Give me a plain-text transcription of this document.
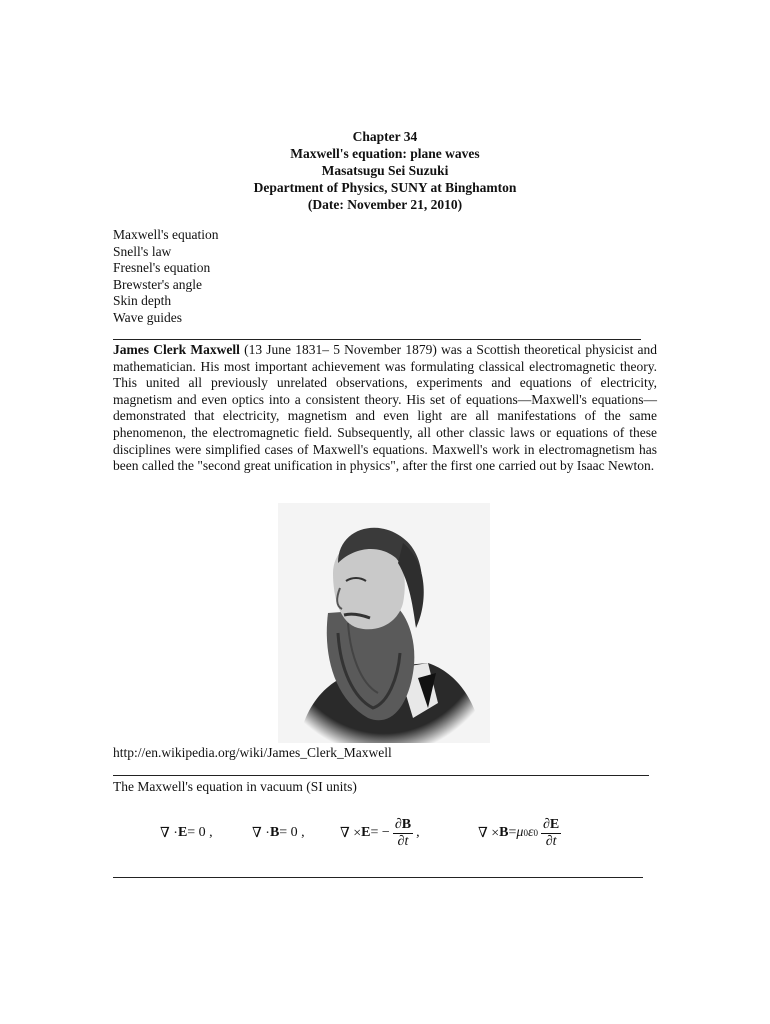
Chapter 34
Maxwell's equation: plane waves
Masatsugu Sei Suzuki
Department of Physics, SUNY at Binghamton
(Date: November 21, 2010)
Maxwell's equation
Snell's law
Fresnel's equation
Brewster's angle
Skin depth
Wave guides

James Clerk Maxwell (13 June 1831– 5 November 1879) was a Scottish theoretical physicist and mathematician. His most important achievement was formulating classical electromagnetic theory. This united all previously unrelated observations, experiments and equations of electricity, magnetism and even optics into a consistent theory. His set of equations—Maxwell's equations—demonstrated that electricity, magnetism and even light are all manifestations of the same phenomenon, the electromagnetic field. Subsequently, all other classic laws or equations of these disciplines were simplified cases of Maxwell's equations. Maxwell's work in electromagnetism has been called the "second great unification in physics", after the first one carried out by Isaac Newton.

http://en.wikipedia.org/wiki/James_Clerk_Maxwell
The Maxwell's equation in vacuum (SI units)
∇ · E = 0 ,	∇ · B = 0 ,	∇ × E = − $\frac{\partial B}{\partial t}$ ,	∇ × B = μ 0 ε $0 \frac{\partial E}{\partial t}$
